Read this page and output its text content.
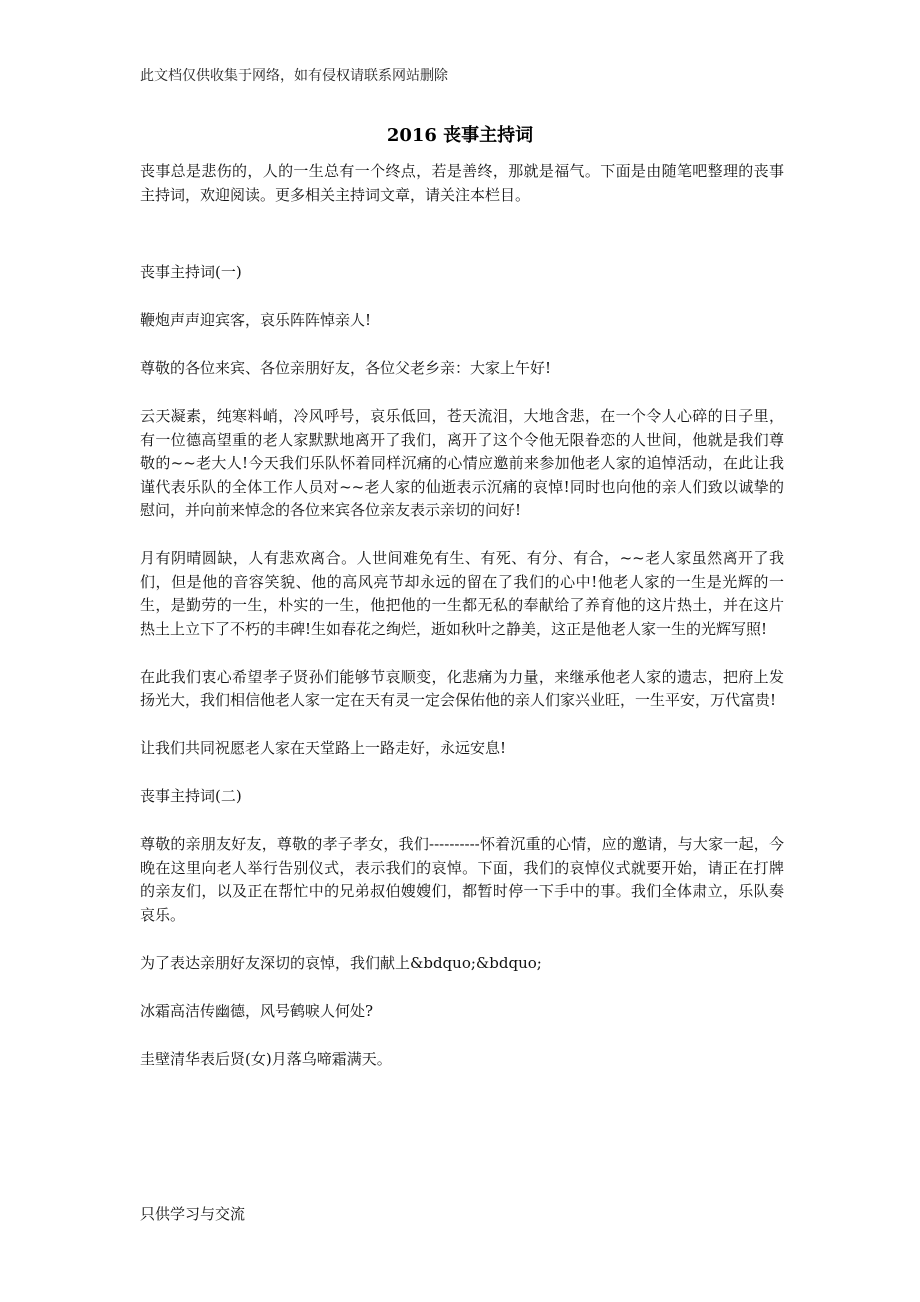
此文档仅供收集于网络，如有侵权请联系网站删除
2016 丧事主持词

丧事总是悲伤的，人的一生总有一个终点，若是善终，那就是福气。下面是由随笔吧整理的丧事主持词，欢迎阅读。更多相关主持词文章，请关注本栏目。

丧事主持词(一)

鞭炮声声迎宾客，哀乐阵阵悼亲人!

尊敬的各位来宾、各位亲朋好友，各位父老乡亲：大家上午好!

云天凝素，纯寒料峭，冷风呼号，哀乐低回，苍天流泪，大地含悲，在一个令人心碎的日子里，有一位德高望重的老人家默默地离开了我们，离开了这个令他无限眷恋的人世间，他就是我们尊敬的~~老大人!今天我们乐队怀着同样沉痛的心情应邀前来参加他老人家的追悼活动，在此让我谨代表乐队的全体工作人员对~~老人家的仙逝表示沉痛的哀悼!同时也向他的亲人们致以诚挚的慰问，并向前来悼念的各位来宾各位亲友表示亲切的问好!

月有阴晴圆缺，人有悲欢离合。人世间难免有生、有死、有分、有合，~~老人家虽然离开了我们，但是他的音容笑貌、他的高风亮节却永远的留在了我们的心中!他老人家的一生是光辉的一生，是勤劳的一生，朴实的一生，他把他的一生都无私的奉献给了养育他的这片热土，并在这片热土上立下了不朽的丰碑!生如春花之绚烂，逝如秋叶之静美，这正是他老人家一生的光辉写照!

在此我们衷心希望孝子贤孙们能够节哀顺变，化悲痛为力量，来继承他老人家的遗志，把府上发扬光大，我们相信他老人家一定在天有灵一定会保佑他的亲人们家兴业旺，一生平安，万代富贵!

让我们共同祝愿老人家在天堂路上一路走好，永远安息!

丧事主持词(二)

尊敬的亲朋友好友，尊敬的孝子孝女，我们----------怀着沉重的心情，应的邀请，与大家一起，今晚在这里向老人举行告别仪式，表示我们的哀悼。下面，我们的哀悼仪式就要开始，请正在打牌的亲友们，以及正在帮忙中的兄弟叔伯嫂嫂们，都暂时停一下手中的事。我们全体肃立，乐队奏哀乐。

为了表达亲朋好友深切的哀悼，我们献上&bdquo;&bdquo;

冰霜高洁传幽德，风号鹤唳人何处?

圭壁清华表后贤(女)月落乌啼霜满天。

只供学习与交流
